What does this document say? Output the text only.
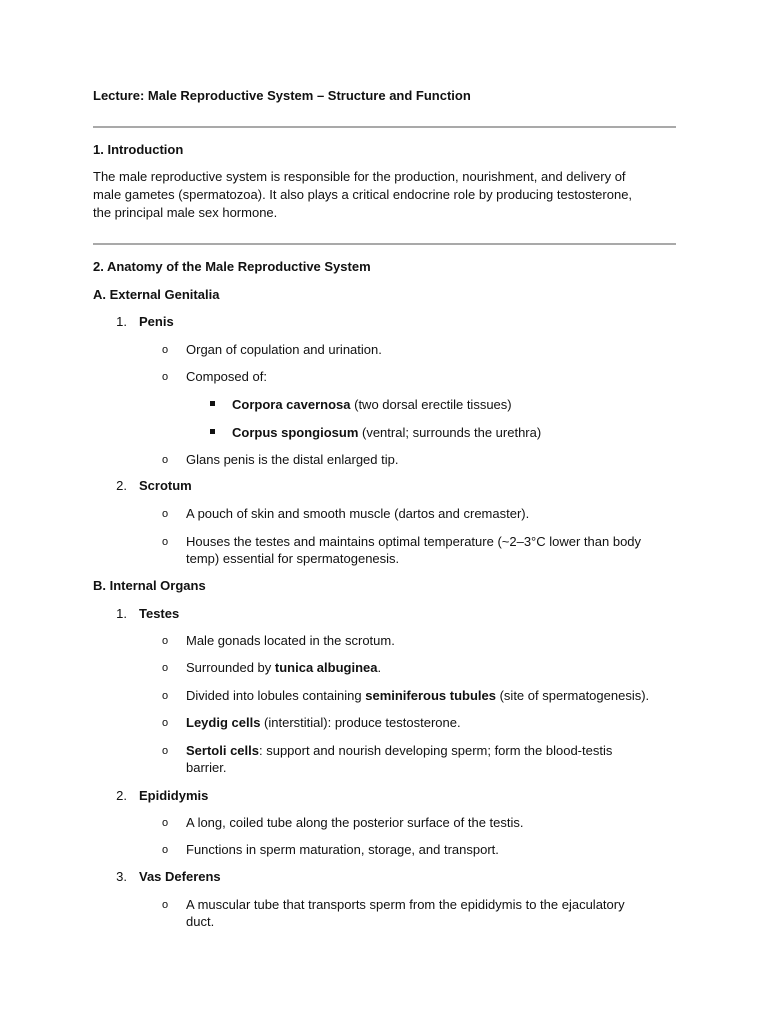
Lecture: Male Reproductive System – Structure and Function
1. Introduction
The male reproductive system is responsible for the production, nourishment, and delivery of
male gametes (spermatozoa). It also plays a critical endocrine role by producing testosterone,
the principal male sex hormone.
2. Anatomy of the Male Reproductive System
A. External Genitalia
1. Penis
o Organ of copulation and urination.
o Composed of:
Corpora cavernosa (two dorsal erectile tissues)
Corpus spongiosum (ventral; surrounds the urethra)
o Glans penis is the distal enlarged tip.
2. Scrotum
o A pouch of skin and smooth muscle (dartos and cremaster).
o Houses the testes and maintains optimal temperature (~2–3°C lower than body
temp) essential for spermatogenesis.
B. Internal Organs
1. Testes
o Male gonads located in the scrotum.
o Surrounded by tunica albuginea.
o Divided into lobules containing seminiferous tubules (site of spermatogenesis).
o Leydig cells (interstitial): produce testosterone.
o Sertoli cells: support and nourish developing sperm; form the blood-testis
barrier.
2. Epididymis
o A long, coiled tube along the posterior surface of the testis.
o Functions in sperm maturation, storage, and transport.
3. Vas Deferens
o A muscular tube that transports sperm from the epididymis to the ejaculatory
duct.
